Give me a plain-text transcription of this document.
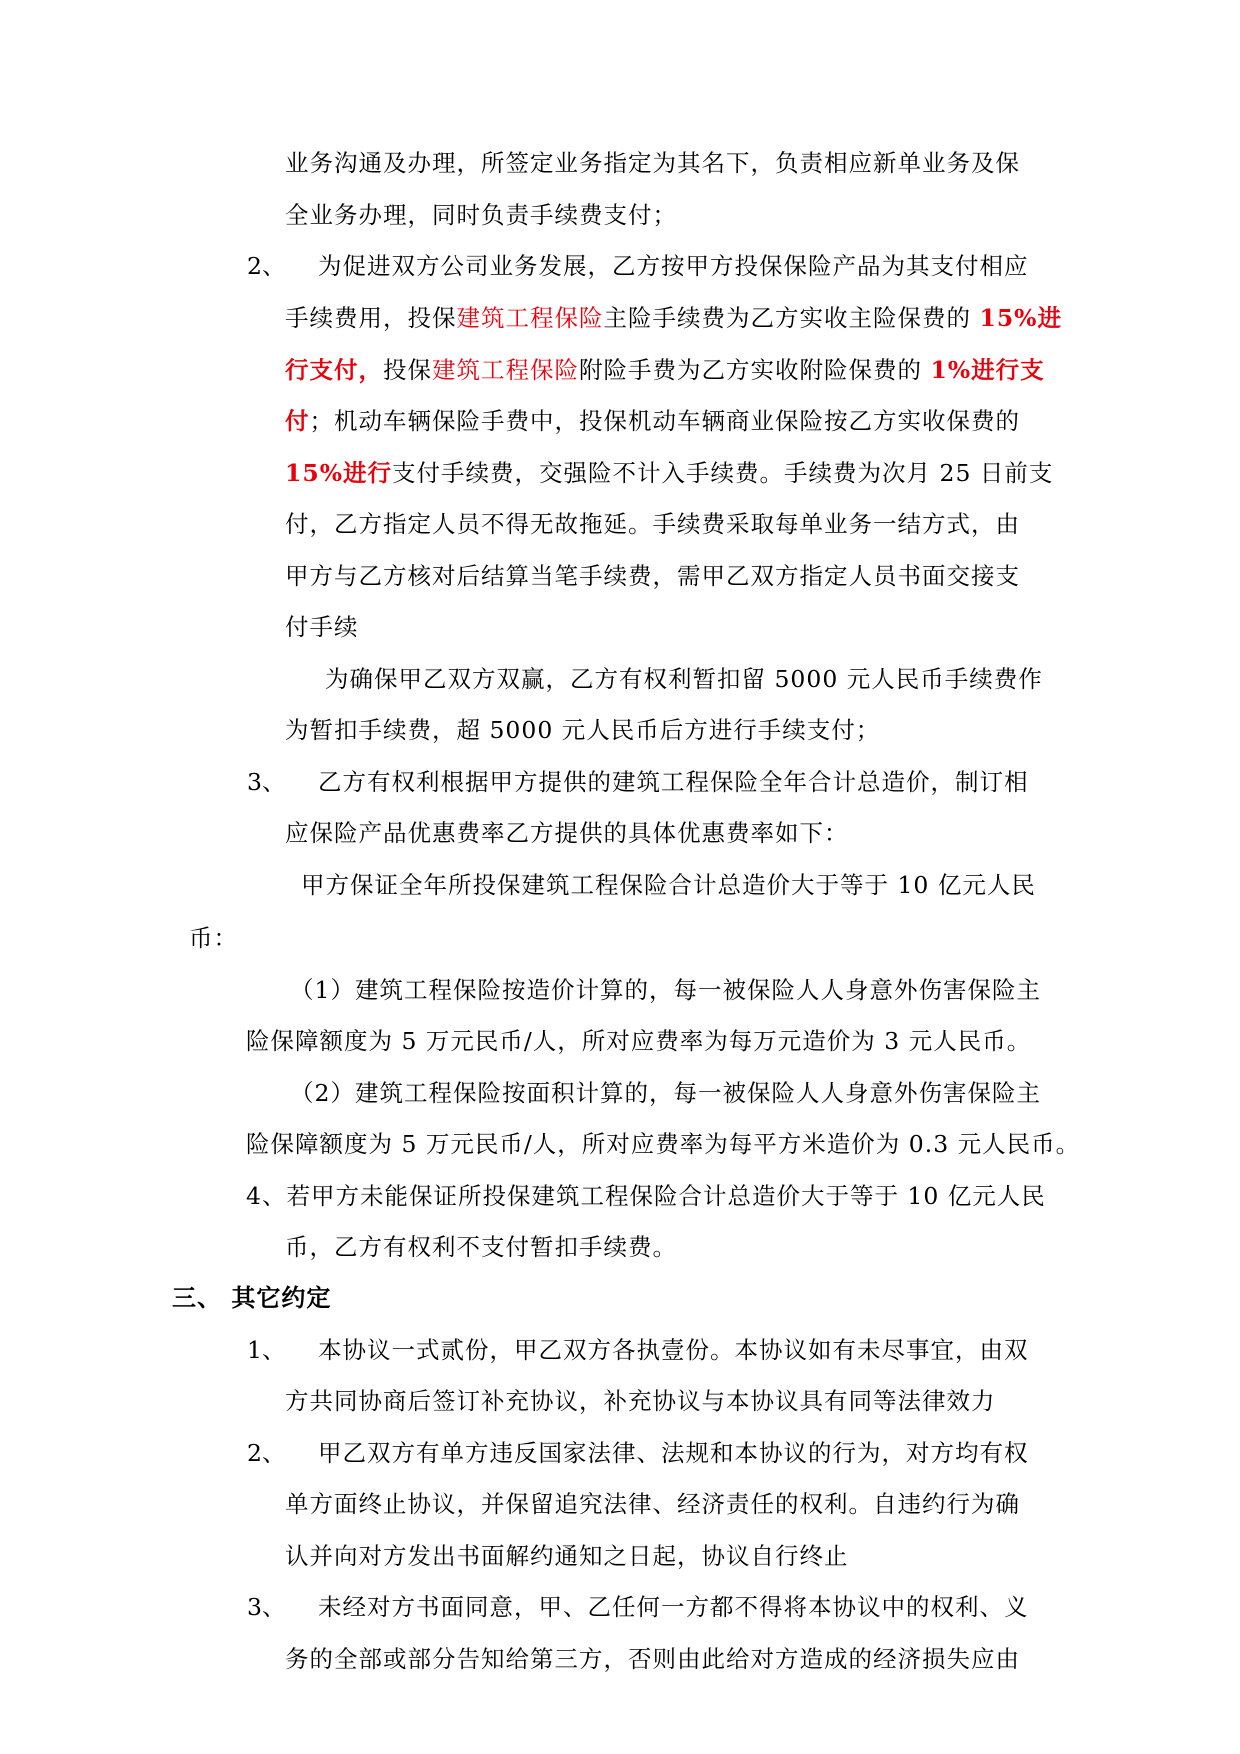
业务沟通及办理，所签定业务指定为其名下，负责相应新单业务及保
全业务办理，同时负责手续费支付；
2、 为促进双方公司业务发展，乙方按甲方投保保险产品为其支付相应
手续费用，投保建筑工程保险主险手续费为乙方实收主险保费的 15%进
行支付，投保建筑工程保险附险手费为乙方实收附险保费的 1%进行支
付；机动车辆保险手费中，投保机动车辆商业保险按乙方实收保费的
15%进行支付手续费，交强险不计入手续费。手续费为次月 25 日前支
付，乙方指定人员不得无故拖延。手续费采取每单业务一结方式，由
甲方与乙方核对后结算当笔手续费，需甲乙双方指定人员书面交接支
付手续
为确保甲乙双方双赢，乙方有权利暂扣留 5000 元人民币手续费作
为暂扣手续费，超 5000 元人民币后方进行手续支付；
3、 乙方有权利根据甲方提供的建筑工程保险全年合计总造价，制订相
应保险产品优惠费率乙方提供的具体优惠费率如下：
甲方保证全年所投保建筑工程保险合计总造价大于等于 10 亿元人民
币：
（1）建筑工程保险按造价计算的，每一被保险人人身意外伤害保险主
险保障额度为 5 万元民币/人，所对应费率为每万元造价为 3 元人民币。
（2）建筑工程保险按面积计算的，每一被保险人人身意外伤害保险主
险保障额度为 5 万元民币/人，所对应费率为每平方米造价为 0.3 元人民币。
4、若甲方未能保证所投保建筑工程保险合计总造价大于等于 10 亿元人民
币，乙方有权利不支付暂扣手续费。
三、 其它约定
1、 本协议一式贰份，甲乙双方各执壹份。本协议如有未尽事宜，由双
方共同协商后签订补充协议，补充协议与本协议具有同等法律效力
2、 甲乙双方有单方违反国家法律、法规和本协议的行为，对方均有权
单方面终止协议，并保留追究法律、经济责任的权利。自违约行为确
认并向对方发出书面解约通知之日起，协议自行终止
3、 未经对方书面同意，甲、乙任何一方都不得将本协议中的权利、义
务的全部或部分告知给第三方，否则由此给对方造成的经济损失应由
